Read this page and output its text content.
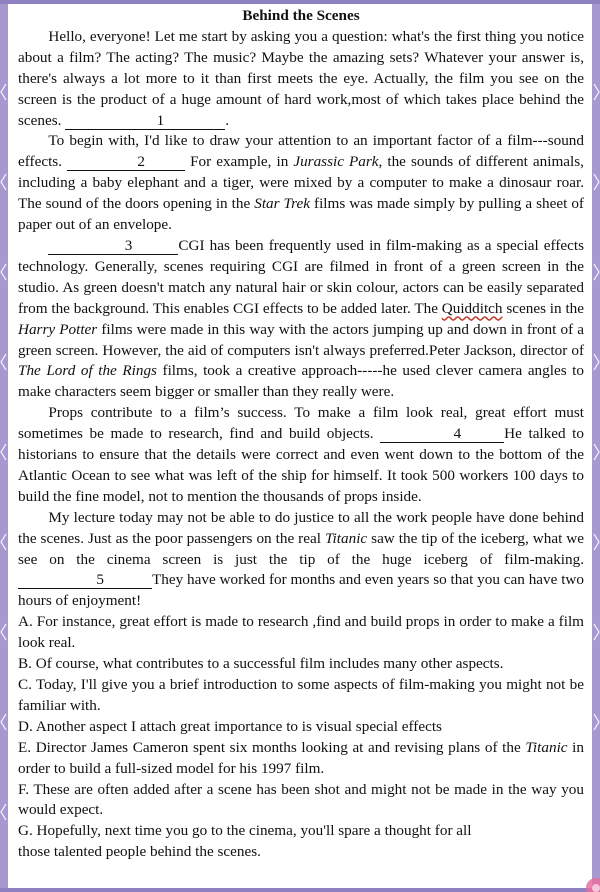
Behind the Scenes

Hello, everyone! Let me start by asking you a question: what's the first thing you notice about a film? The acting? The music? Maybe the amazing sets? Whatever your answer is, there's always a lot more to it than first meets the eye. Actually, the film you see on the screen is the product of a huge amount of hard work,most of which takes place behind the scenes.	1	.

To begin with, I'd like to draw your attention to an important factor of a film---sound effects.	2	For example, in Jurassic Park, the sounds of different animals, including a baby elephant and a tiger, were mixed by a computer to make a dinosaur roar. The sound of the doors opening in the Star Trek films was made simply by pulling a sheet of paper out of an envelope.

3	CGI has been frequently used in film-making as a special effects technology. Generally, scenes requiring CGI are filmed in front of a green screen in the studio. As green doesn't match any natural hair or skin colour, actors can be easily separated from the background. This enables CGI effects to be added later. The Quidditch scenes in the Harry Potter films were made in this way with the actors jumping up and down in front of a green screen. However, the aid of computers isn't always preferred.Peter Jackson, director of The Lord of the Rings films, took a creative approach-----he used clever camera angles to make characters seem bigger or smaller than they really were.

Props contribute to a film’s success. To make a film look real, great effort must sometimes be made to research, find and build objects.	4	He talked to historians to ensure that the details were correct and even went down to the bottom of the Atlantic Ocean to see what was left of the ship for himself. It took 500 workers 100 days to build the fine model, not to mention the thousands of props inside.

My lecture today may not be able to do justice to all the work people have done behind the scenes. Just as the poor passengers on the real Titanic saw the tip of the iceberg, what we see on the cinema screen is just the tip of the huge iceberg of film-making. 5	They have worked for months and even years so that you can have two hours of enjoyment!

A. For instance, great effort is made to research ,find and build props in order to make a film look real.

B. Of course, what contributes to a successful film includes many other aspects.

C. Today, I'll give you a brief introduction to some aspects of film-making you might not be familiar with.

D. Another aspect I attach great importance to is visual special effects

E. Director James Cameron spent six months looking at and revising plans of the Titanic in order to build a full-sized model for his 1997 film.

F. These are often added after a scene has been shot and might not be made in the way you would expect.

G. Hopefully, next time you go to the cinema, you'll spare a thought for all

those talented people behind the scenes.
